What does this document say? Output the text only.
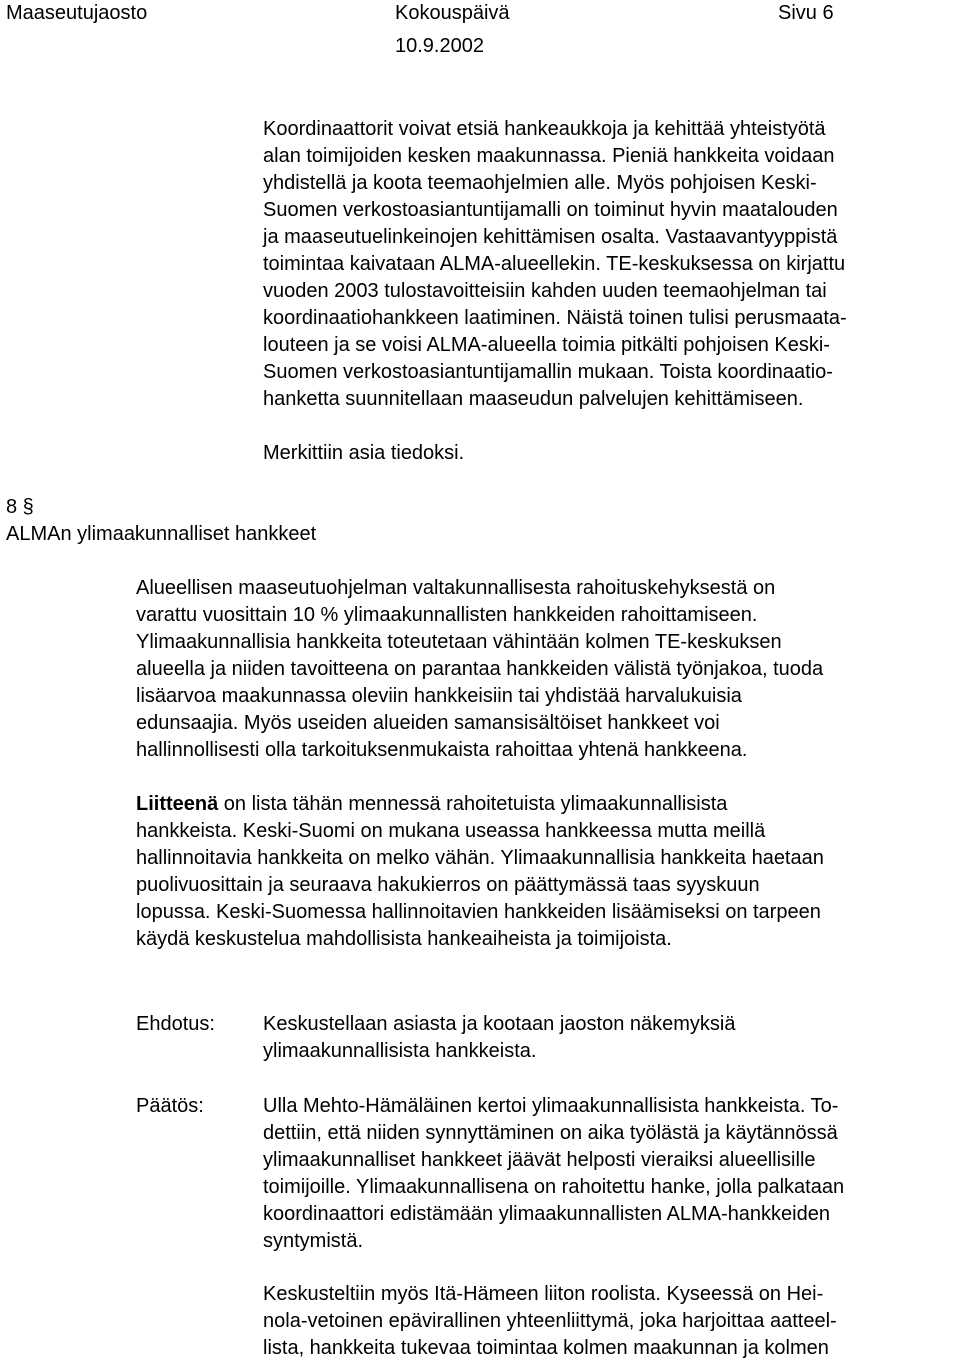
Maaseutujaosto	Kokouspäivä	Sivu 6
10.9.2002
Koordinaattorit voivat etsiä hankeaukkoja ja kehittää yhteistyötä
alan toimijoiden kesken maakunnassa. Pieniä hankkeita voidaan
yhdistellä ja koota teemaohjelmien alle. Myös pohjoisen Keski-
Suomen verkostoasiantuntijamalli on toiminut hyvin maatalouden
ja maaseutuelinkeinojen kehittämisen osalta. Vastaavantyyppistä
toimintaa kaivataan ALMA-alueellekin. TE-keskuksessa on kirjattu
vuoden 2003 tulostavoitteisiin kahden uuden teemaohjelman tai
koordinaatiohankkeen laatiminen. Näistä toinen tulisi perusmaata-
louteen ja se voisi ALMA-alueella toimia pitkälti pohjoisen Keski-
Suomen verkostoasiantuntijamallin mukaan. Toista koordinaatio-
hanketta suunnitellaan maaseudun palvelujen kehittämiseen.
Merkittiin asia tiedoksi.
8 §
ALMAn ylimaakunnalliset hankkeet
Alueellisen maaseutuohjelman valtakunnallisesta rahoituskehyksestä on
varattu vuosittain 10 % ylimaakunnallisten hankkeiden rahoittamiseen.
Ylimaakunnallisia hankkeita toteutetaan vähintään kolmen TE-keskuksen
alueella ja niiden tavoitteena on parantaa hankkeiden välistä työnjakoa, tuoda
lisäarvoa maakunnassa oleviin hankkeisiin tai yhdistää harvalukuisia
edunsaajia. Myös useiden alueiden samansisältöiset hankkeet voi
hallinnollisesti olla tarkoituksenmukaista rahoittaa yhtenä hankkeena.
Liitteenä on lista tähän mennessä rahoitetuista ylimaakunnallisista
hankkeista. Keski-Suomi on mukana useassa hankkeessa mutta meillä
hallinnoitavia hankkeita on melko vähän. Ylimaakunnallisia hankkeita haetaan
puolivuosittain ja seuraava hakukierros on päättymässä taas syyskuun
lopussa. Keski-Suomessa hallinnoitavien hankkeiden lisäämiseksi on tarpeen
käydä keskustelua mahdollisista hankeaiheista ja toimijoista.
Ehdotus: Keskustellaan asiasta ja kootaan jaoston näkemyksiä
ylimaakunnallisista hankkeista.
Päätös:	Ulla Mehto-Hämäläinen kertoi ylimaakunnallisista hankkeista. To-
dettiin, että niiden synnyttäminen on aika työlästä ja käytännössä
ylimaakunnalliset hankkeet jäävät helposti vieraiksi alueellisille
toimijoille. Ylimaakunnallisena on rahoitettu hanke, jolla palkataan
koordinaattori edistämään ylimaakunnallisten ALMA-hankkeiden
syntymistä.
Keskusteltiin myös Itä-Hämeen liiton roolista. Kyseessä on Hei-
nola-vetoinen epävirallinen yhteenliittymä, joka harjoittaa aatteel-
lista, hankkeita tukevaa toimintaa kolmen maakunnan ja kolmen
